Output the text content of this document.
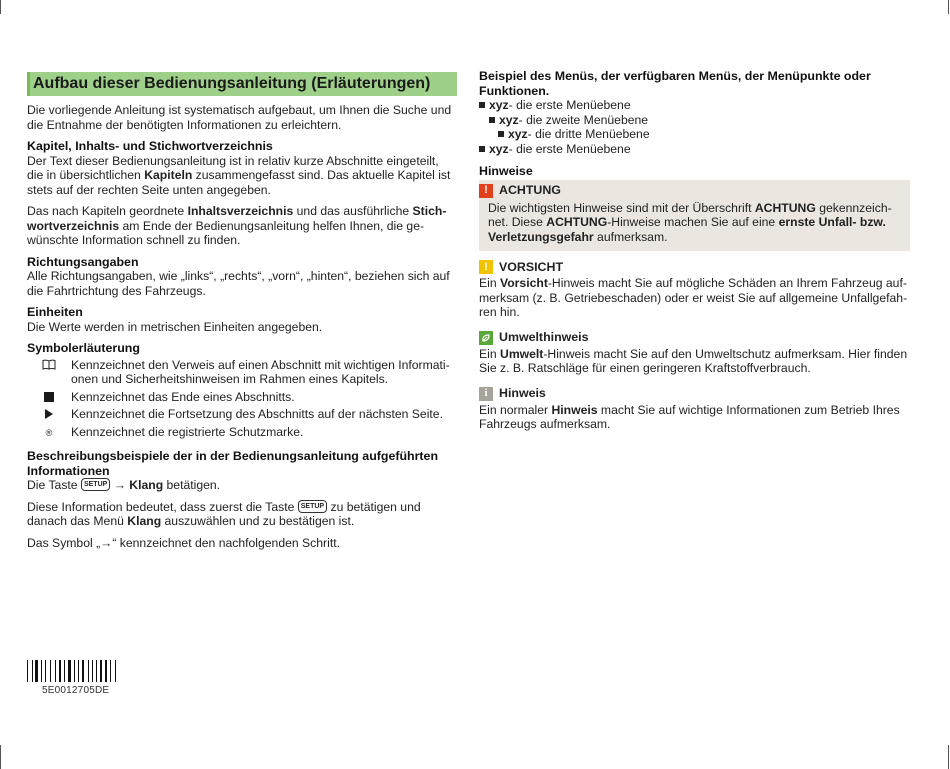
Aufbau dieser Bedienungsanleitung (Erläuterungen)

Die vorliegende Anleitung ist systematisch aufgebaut, um Ihnen die Suche und die Entnahme der benötigten Informationen zu erleichtern.

Kapitel, Inhalts- und Stichwortverzeichnis

Der Text dieser Bedienungsanleitung ist in relativ kurze Abschnitte eingeteilt, die in übersichtlichen Kapiteln zusammengefasst sind. Das aktuelle Kapitel ist stets auf der rechten Seite unten angegeben.

Das nach Kapiteln geordnete Inhaltsverzeichnis und das ausführliche Stichwortverzeichnis am Ende der Bedienungsanleitung helfen Ihnen, die gewünschte Information schnell zu finden.

Richtungsangaben
Alle Richtungsangaben, wie „links“, „rechts“, „vorn“, „hinten“, beziehen sich auf die Fahrtrichtung des Fahrzeugs.
Einheiten
Die Werte werden in metrischen Einheiten angegeben.
Symbolerläuterung
Kennzeichnet den Verweis auf einen Abschnitt mit wichtigen Informationen und Sicherheitshinweisen im Rahmen eines Kapitels.
Kennzeichnet das Ende eines Abschnitts.
Kennzeichnet die Fortsetzung des Abschnitts auf der nächsten Seite.
®	Kennzeichnet die registrierte Schutzmarke.
Beschreibungsbeispiele der in der Bedienungsanleitung aufgeführten Informationen

Die Taste SETUP → Klang betätigen.

Diese Information bedeutet, dass zuerst die Taste SETUP zu betätigen und danach das Menü Klang auszuwählen und zu bestätigen ist.

Das Symbol „→“ kennzeichnet den nachfolgenden Schritt.

Beispiel des Menüs, der verfügbaren Menüs, der Menüpunkte oder Funktionen.
xyz - die erste Menüebene
xyz - die zweite Menüebene
xyz - die dritte Menüebene
xyz - die erste Menüebene
Hinweise
! ACHTUNG

Die wichtigsten Hinweise sind mit der Überschrift ACHTUNG gekennzeichnet. Diese ACHTUNG-Hinweise machen Sie auf eine ernste Unfall- bzw. Verletzungsgefahr aufmerksam.

! VORSICHT

Ein Vorsicht-Hinweis macht Sie auf mögliche Schäden an Ihrem Fahrzeug aufmerksam (z. B. Getriebeschaden) oder er weist Sie auf allgemeine Unfallgefahren hin.

Umwelthinweis

Ein Umwelt-Hinweis macht Sie auf den Umweltschutz aufmerksam. Hier finden Sie z. B. Ratschläge für einen geringeren Kraftstoffverbrauch.

i Hinweis

Ein normaler Hinweis macht Sie auf wichtige Informationen zum Betrieb Ihres Fahrzeugs aufmerksam.

5E0012705DE
